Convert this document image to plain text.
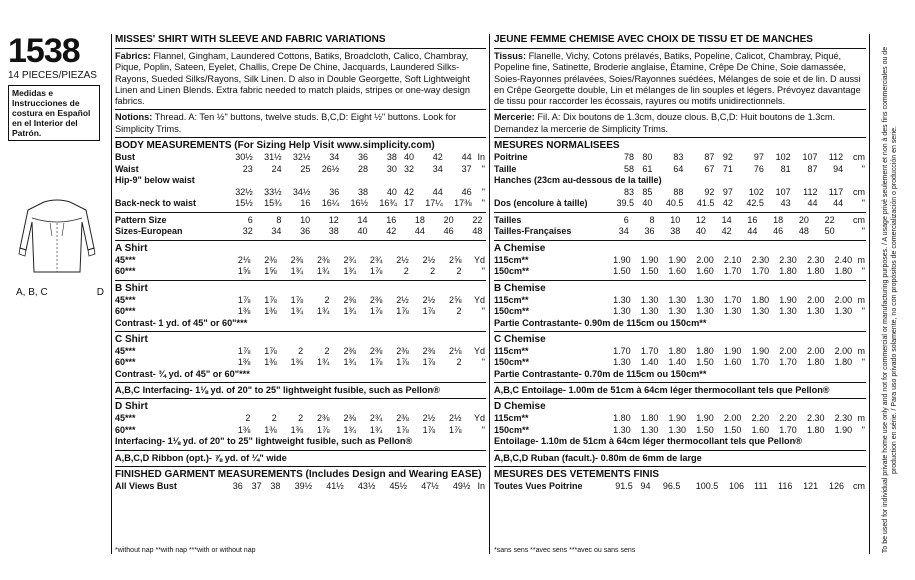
1538
14 PIECES/PIEZAS
Medidas e Instrucciones de costura en Español en el Interior del Patrón.
A, B, C	D
MISSES' SHIRT WITH SLEEVE AND FABRIC VARIATIONS
Fabrics: Flannel, Gingham, Laundered Cottons, Batiks, Broadcloth, Calico, Chambray, Pique, Poplin, Sateen, Eyelet, Challis, Crepe De Chine, Jacquards, Laundered Silks-Rayons, Sueded Silks/Rayons, Silk Linen. D also in Double Georgette, Soft Lightweight Linen and Linen Blends. Extra fabric needed to match plaids, stripes or one-way design fabrics.
Notions: Thread. A: Ten ½" buttons, twelve studs. B,C,D: Eight ½" buttons. Look for Simplicity Trims.
BODY MEASUREMENTS (For Sizing Help Visit www.simplicity.com)
Bust	30½	31½	32½	34	36	38	40	42	44	In
Waist	23	24	25	26½	28	30	32	34	37	"
Hip-9" below waist										
	32½	33½	34½	36	38	40	42	44	46	"
Back-neck to waist	15½	15¾	16	16¼	16½	16¾	17	17¼	17⅜	"
Pattern Size	6	8	10	12	14	16	18	20	22	
Sizes-European	32	34	36	38	40	42	44	46	48	
A Shirt
45***	2⅛	2⅜	2⅜	2⅜	2¾	2¾	2½	2½	2⅝	Yd
60***	1⅝	1⅝	1¾	1¾	1¾	1⅞	2	2	2	"
B Shirt
45***	1⅞	1⅞	1⅞	2	2⅜	2⅜	2½	2½	2⅝	Yd
60***	1⅜	1⅜	1¾	1¾	1¾	1⅞	1⅞	1⅞	2	"
Contrast- 1 yd. of 45" or 60"***
C Shirt
45***	1⅞	1⅞	2	2	2⅜	2⅜	2⅜	2⅜	2⅛	Yd
60***	1⅜	1⅜	1⅜	1¾	1¾	1⅞	1⅞	1⅞	2	"
Contrast- ¾ yd. of 45" or 60"***
A,B,C Interfacing- 1⅛ yd. of 20" to 25" lightweight fusible, such as Pellon®
D Shirt
45***	2	2	2	2⅜	2⅜	2¾	2⅜	2½	2½	Yd
60***	1⅜	1⅜	1⅜	1⅞	1¾	1¾	1⅞	1⅞	1⅞	"
Interfacing- 1⅛ yd. of 20" to 25" lightweight fusible, such as Pellon®
A,B,C,D Ribbon (opt.)- ⅞ yd. of ¼" wide
FINISHED GARMENT MEASUREMENTS (Includes Design and Wearing EASE)
All Views Bust	36	37	38	39½	41½	43½	45½	47½	49½	In
*without nap **with nap ***with or without nap
JEUNE FEMME CHEMISE AVEC CHOIX DE TISSU ET DE MANCHES
Tissus: Flanelle, Vichy, Cotons prélavés, Batiks, Popeline, Calicot, Chambray, Piqué, Popeline fine, Satinette, Broderie anglaise, Étamine, Crêpe De Chine, Soie damassée, Soies-Rayonnes prélavées, Soies/Rayonnes suédées, Mélanges de soie et de lin. D aussi en Crêpe Georgette double, Lin et mélanges de lin souples et légers. Prévoyez davantage de tissu pour raccorder les écossais, rayures ou motifs unidirectionnels.
Mercerie: Fil. A: Dix boutons de 1.3cm, douze clous. B,C,D: Huit boutons de 1.3cm. Demandez la mercerie de Simplicity Trims.
MESURES NORMALISEES
Poitrine	78	80	83	87	92	97	102	107	112	cm
Taille	58	61	64	67	71	76	81	87	94	"
Hanches (23cm au-dessous de la taille)										
	83	85	88	92	97	102	107	112	117	cm
Dos (encolure à taille)	39.5	40	40.5	41.5	42	42.5	43	44	44	"
Tailles	6	8	10	12	14	16	18	20	22	cm
Tailles-Françaises	34	36	38	40	42	44	46	48	50	"
A Chemise
115cm**	1.90	1.90	1.90	2.00	2.10	2.30	2.30	2.30	2.40	m
150cm**	1.50	1.50	1.60	1.60	1.70	1.70	1.80	1.80	1.80	"
B Chemise
115cm**	1.30	1.30	1.30	1.30	1.70	1.80	1.90	2.00	2.00	m
150cm**	1.30	1.30	1.30	1.30	1.30	1.30	1.30	1.30	1.30	"
Partie Contrastante- 0.90m de 115cm ou 150cm**
C Chemise
115cm**	1.70	1.70	1.80	1.80	1.90	1.90	2.00	2.00	2.00	m
150cm**	1.30	1.40	1.40	1.50	1.60	1.70	1.70	1.80	1.80	"
Partie Contrastante- 0.70m de 115cm ou 150cm**
A,B,C Entoilage- 1.00m de 51cm à 64cm léger thermocollant tels que Pellon®
D Chemise
115cm**	1.80	1.80	1.90	1.90	2.00	2.20	2.20	2.30	2.30	m
150cm**	1.30	1.30	1.30	1.50	1.50	1.60	1.70	1.80	1.90	"
Entoilage- 1.10m de 51cm à 64cm léger thermocollant tels que Pellon®
A,B,C,D Ruban (facult.)- 0.80m de 6mm de large
MESURES DES VETEMENTS FINIS
Toutes Vues Poitrine	91.5	94	96.5	100.5	106	111	116	121	126	cm
*sans sens **avec sens ***avec ou sans sens	To be used for individual private home use only and not for commercial or manufacturing purposes. / A usage privé seulement et non à des fins commerciales ou de production en série. / Para uso privado solamente, no con propósitos de comercialización o producción en serie.
